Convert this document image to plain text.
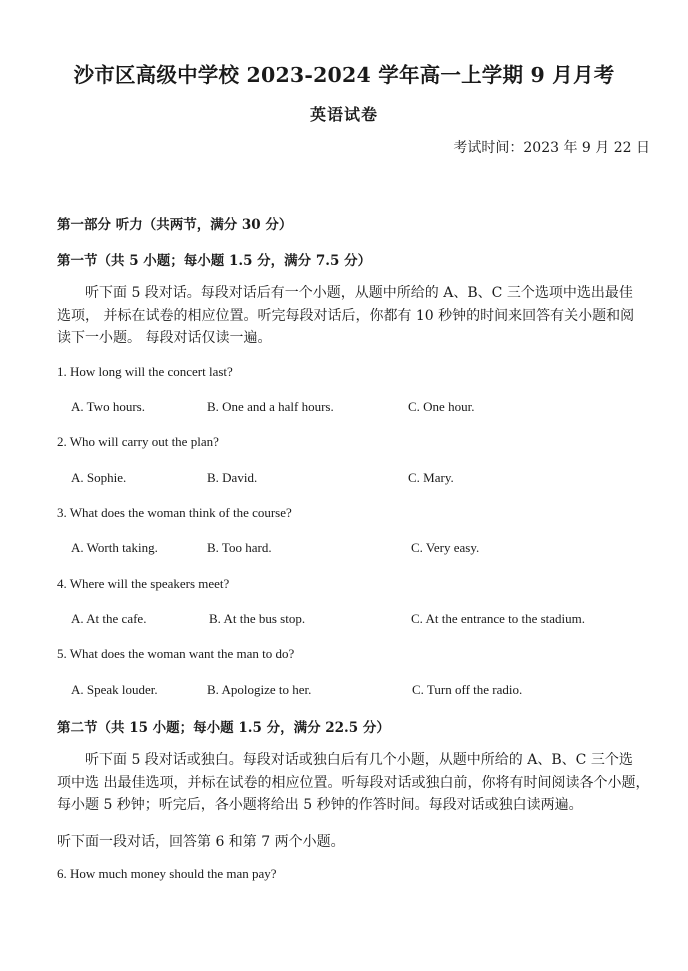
沙市区高级中学校 2023-2024 学年高一上学期 9 月月考
英语试卷
考试时间：2023 年 9 月 22 日
第一部分 听力（共两节，满分 30 分）
第一节（共 5 小题；每小题 1.5 分，满分 7.5 分）

听下面 5 段对话。每段对话后有一个小题，从题中所给的 A、B、C 三个选项中选出最佳

选项， 并标在试卷的相应位置。听完每段对话后，你都有 10 秒钟的时间来回答有关小题和阅

读下一小题。 每段对话仅读一遍。

1. How long will the concert last?
A. Two hours.	B. One and a half hours.	C. One hour.
2. Who will carry out the plan?
A. Sophie.	B. David.	C. Mary.
3. What does the woman think of the course?
A. Worth taking.	B. Too hard.	C. Very easy.
4. Where will the speakers meet?
A. At the cafe.	B. At the bus stop.	C. At the entrance to the stadium.
5. What does the woman want the man to do?
A. Speak louder.	B. Apologize to her.	C. Turn off the radio.
第二节（共 15 小题；每小题 1.5 分，满分 22.5 分）

听下面 5 段对话或独白。每段对话或独白后有几个小题，从题中所给的 A、B、C 三个选

项中选 出最佳选项，并标在试卷的相应位置。听每段对话或独白前，你将有时间阅读各个小题，

每小题 5 秒钟；听完后，各小题将给出 5 秒钟的作答时间。每段对话或独白读两遍。

听下面一段对话，回答第 6 和第 7 两个小题。
6. How much money should the man pay?
